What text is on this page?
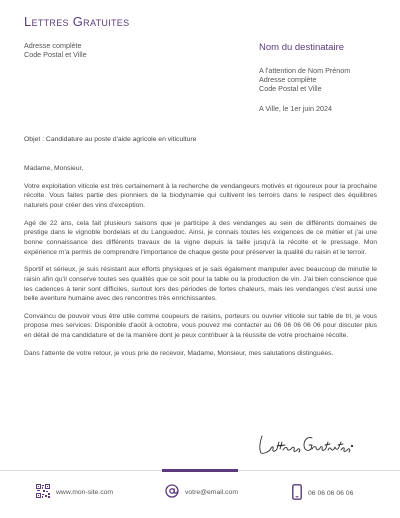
Lettres Gratuites
Adresse complète
Code Postal et Ville
Nom du destinataire
A l'attention de Nom Prénom
Adresse complète
Code Postal et Ville
A Ville, le 1er juin 2024
Objet : Candidature au poste d'aide agricole en viticulture

Madame, Monsieur,

Votre exploitation viticole est très certainement à la recherche de vendangeurs motivés et rigoureux pour la prochaine récolte. Vous faites partie des pionniers de la biodynamie qui cultivent les terroirs dans le respect des équilibres naturels pour créer des vins d'exception.

Agé de 22 ans, cela fait plusieurs saisons que je participe à des vendanges au sein de différents domaines de prestige dans le vignoble bordelais et du Languedoc. Ainsi, je connais toutes les exigences de ce métier et j'ai une bonne connaissance des différents travaux de la vigne depuis la taille jusqu'à la récolte et le pressage. Mon expérience m'a permis de comprendre l'importance de chaque geste pour préserver la qualité du raisin et le terroir.

Sportif et sérieux, je suis résistant aux efforts physiques et je sais également manipuler avec beaucoup de minutie le raisin afin qu'il conserve toutes ses qualités que ce soit pour la table ou la production de vin. J'ai bien conscience que les cadences à tenir sont difficiles, surtout lors des périodes de fortes chaleurs, mais les vendanges c'est aussi une belle aventure humaine avec des rencontres très enrichissantes.

Convaincu de pouvoir vous être utile comme coupeurs de raisins, porteurs ou ouvrier viticole sur table de tri, je vous propose mes services. Disponible d'août à octobre, vous pouvez me contacter au 06 06 06 06 06 pour discuter plus en détail de ma candidature et de la manière dont je peux contribuer à la réussite de votre prochaine récolte.

Dans l'attente de votre retour, je vous prie de recevoir, Madame, Monsieur, mes salutations distinguées.

www.mon-site.com	votre@email.com	06 06 06 06 06
